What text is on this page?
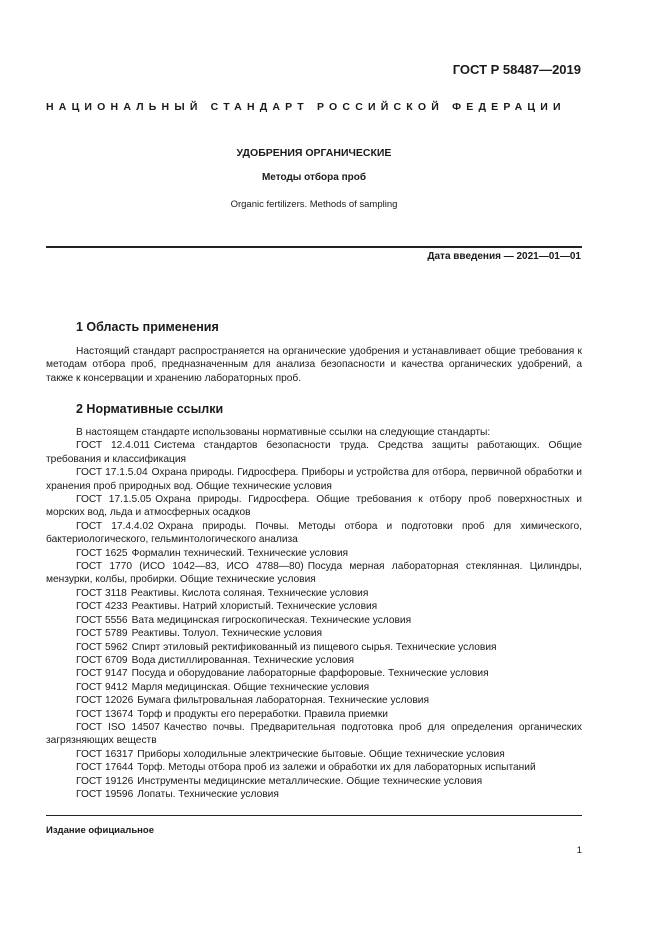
ГОСТ Р 58487—2019
НАЦИОНАЛЬНЫЙ СТАНДАРТ РОССИЙСКОЙ ФЕДЕРАЦИИ
УДОБРЕНИЯ ОРГАНИЧЕСКИЕ
Методы отбора проб
Organic fertilizers. Methods of sampling
Дата введения — 2021—01—01
1 Область применения

Настоящий стандарт распространяется на органические удобрения и устанавливает общие требования к методам отбора проб, предназначенным для анализа безопасности и качества органических удобрений, а также к консервации и хранению лабораторных проб.

2 Нормативные ссылки

В настоящем стандарте использованы нормативные ссылки на следующие стандарты:

ГОСТ 12.4.011 Система стандартов безопасности труда. Средства защиты работающих. Общие требования и классификация

ГОСТ 17.1.5.04 Охрана природы. Гидросфера. Приборы и устройства для отбора, первичной обработки и хранения проб природных вод. Общие технические условия

ГОСТ 17.1.5.05 Охрана природы. Гидросфера. Общие требования к отбору проб поверхностных и морских вод, льда и атмосферных осадков

ГОСТ 17.4.4.02 Охрана природы. Почвы. Методы отбора и подготовки проб для химического, бактериологического, гельминтологического анализа

ГОСТ 1625 Формалин технический. Технические условия

ГОСТ 1770 (ИСО 1042—83, ИСО 4788—80) Посуда мерная лабораторная стеклянная. Цилиндры, мензурки, колбы, пробирки. Общие технические условия

ГОСТ 3118 Реактивы. Кислота соляная. Технические условия

ГОСТ 4233 Реактивы. Натрий хлористый. Технические условия

ГОСТ 5556 Вата медицинская гигроскопическая. Технические условия

ГОСТ 5789 Реактивы. Толуол. Технические условия

ГОСТ 5962 Спирт этиловый ректификованный из пищевого сырья. Технические условия

ГОСТ 6709 Вода дистиллированная. Технические условия

ГОСТ 9147 Посуда и оборудование лабораторные фарфоровые. Технические условия

ГОСТ 9412 Марля медицинская. Общие технические условия

ГОСТ 12026 Бумага фильтровальная лабораторная. Технические условия

ГОСТ 13674 Торф и продукты его переработки. Правила приемки

ГОСТ ISO 14507 Качество почвы. Предварительная подготовка проб для определения органических загрязняющих веществ

ГОСТ 16317 Приборы холодильные электрические бытовые. Общие технические условия

ГОСТ 17644 Торф. Методы отбора проб из залежи и обработки их для лабораторных испытаний

ГОСТ 19126 Инструменты медицинские металлические. Общие технические условия

ГОСТ 19596 Лопаты. Технические условия

Издание официальное
1
